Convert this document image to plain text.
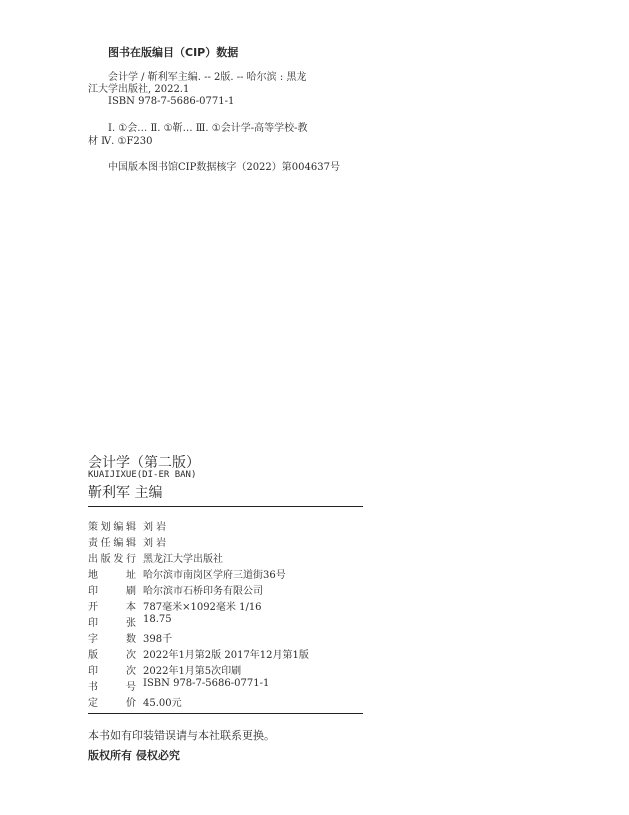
图书在版编目（CIP）数据
会计学 / 靳利军主编. -- 2版. -- 哈尔滨 : 黑龙
江大学出版社, 2022.1
ISBN 978-7-5686-0771-1
Ⅰ. ①会… Ⅱ. ①靳… Ⅲ. ①会计学-高等学校-教
材 Ⅳ. ①F230
中国版本图书馆CIP数据核字（2022）第004637号
会计学（第二版）
KUAIJIXUE(DI-ER BAN)
靳利军 主编
策 划 编 辑 刘 岩
责 任 编 辑 刘 岩
出 版 发 行 黑龙江大学出版社
地	址 哈尔滨市南岗区学府三道街36号
印	刷 哈尔滨市石桥印务有限公司
开	本 787毫米×1092毫米 1/16
印	张 18.75
字	数 398千
版	次 2022年1月第2版 2017年12月第1版
印	次 2022年1月第5次印刷
书	号 ISBN 978-7-5686-0771-1
定	价 45.00元
本书如有印装错误请与本社联系更换。
版权所有 侵权必究
